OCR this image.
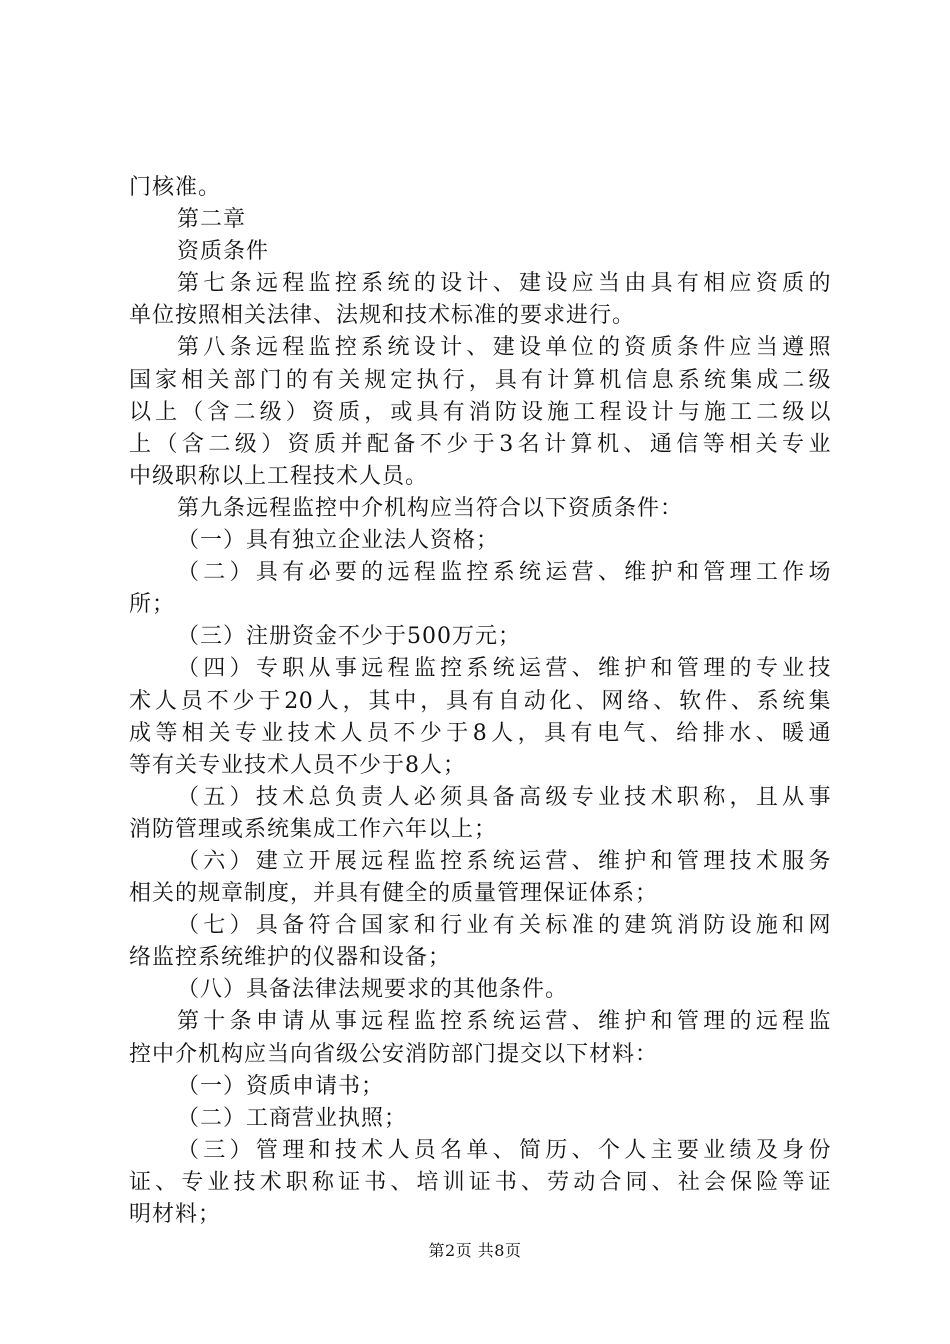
门核准。
第二章
资质条件
第七条远程监控系统的设计、建设应当由具有相应资质的
单位按照相关法律、法规和技术标准的要求进行。
第八条远程监控系统设计、建设单位的资质条件应当遵照
国家相关部门的有关规定执行，具有计算机信息系统集成二级
以上（含二级）资质，或具有消防设施工程设计与施工二级以
上（含二级）资质并配备不少于3名计算机、通信等相关专业
中级职称以上工程技术人员。
第九条远程监控中介机构应当符合以下资质条件：
（一）具有独立企业法人资格；
（二）具有必要的远程监控系统运营、维护和管理工作场
所；
（三）注册资金不少于500万元；
（四）专职从事远程监控系统运营、维护和管理的专业技
术人员不少于20人，其中，具有自动化、网络、软件、系统集
成等相关专业技术人员不少于8人，具有电气、给排水、暖通
等有关专业技术人员不少于8人；
（五）技术总负责人必须具备高级专业技术职称，且从事
消防管理或系统集成工作六年以上；
（六）建立开展远程监控系统运营、维护和管理技术服务
相关的规章制度，并具有健全的质量管理保证体系；
（七）具备符合国家和行业有关标准的建筑消防设施和网
络监控系统维护的仪器和设备；
（八）具备法律法规要求的其他条件。
第十条申请从事远程监控系统运营、维护和管理的远程监
控中介机构应当向省级公安消防部门提交以下材料：
（一）资质申请书；
（二）工商营业执照；
（三）管理和技术人员名单、简历、个人主要业绩及身份
证、专业技术职称证书、培训证书、劳动合同、社会保险等证
明材料；
第2页 共8页
